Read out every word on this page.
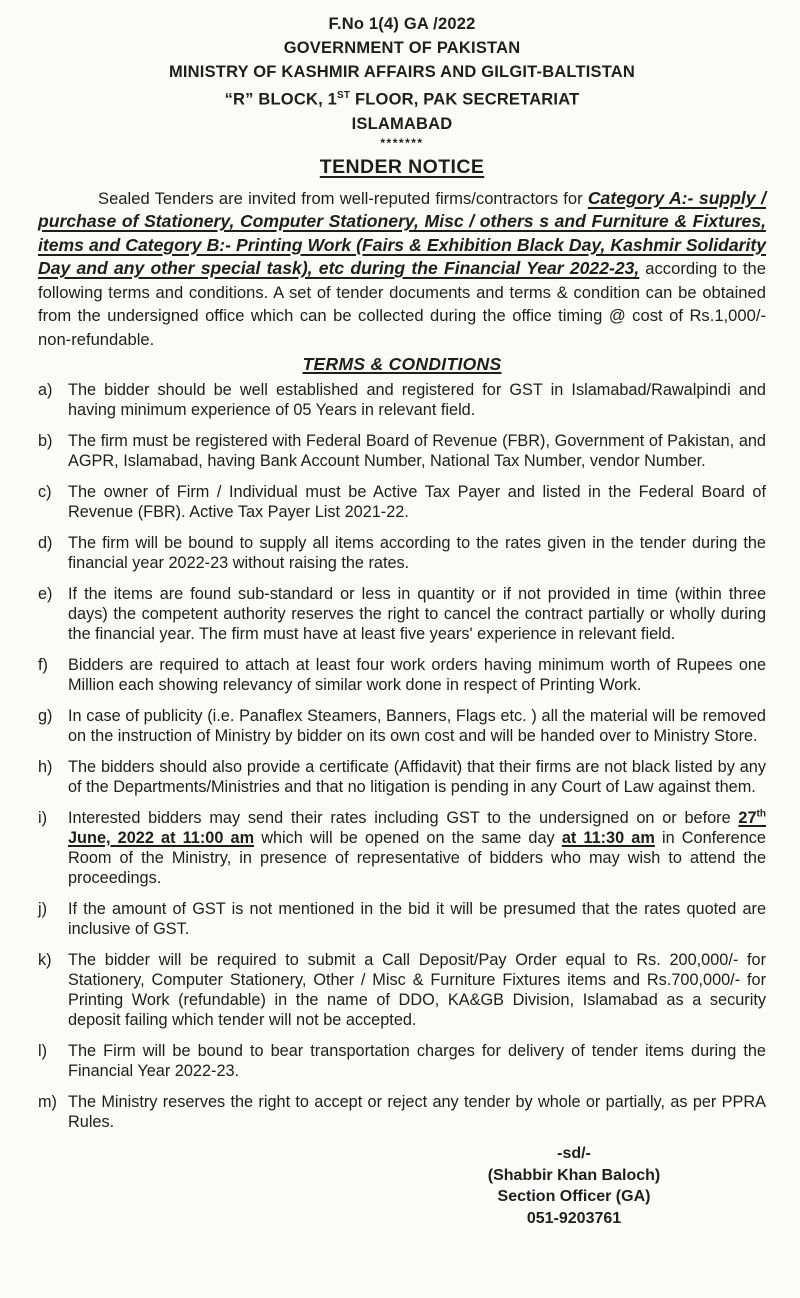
F.No 1(4) GA /2022
GOVERNMENT OF PAKISTAN
MINISTRY OF KASHMIR AFFAIRS AND GILGIT-BALTISTAN
“R” BLOCK, 1ST FLOOR, PAK SECRETARIAT
ISLAMABAD
*******
TENDER NOTICE

Sealed Tenders are invited from well-reputed firms/contractors for Category A:- supply / purchase of Stationery, Computer Stationery, Misc / others s and Furniture & Fixtures, items and Category B:- Printing Work (Fairs & Exhibition Black Day, Kashmir Solidarity Day and any other special task), etc during the Financial Year 2022-23, according to the following terms and conditions. A set of tender documents and terms & condition can be obtained from the undersigned office which can be collected during the office timing @ cost of Rs.1,000/- non-refundable.

TERMS & CONDITIONS
a) The bidder should be well established and registered for GST in Islamabad/Rawalpindi and having minimum experience of 05 Years in relevant field.
b) The firm must be registered with Federal Board of Revenue (FBR), Government of Pakistan, and AGPR, Islamabad, having Bank Account Number, National Tax Number, vendor Number.
c)	The owner of Firm / Individual must be Active Tax Payer and listed in the Federal Board of Revenue (FBR). Active Tax Payer List 2021-22.
d) The firm will be bound to supply all items according to the rates given in the tender during the financial year 2022-23 without raising the rates.
e) If the items are found sub-standard or less in quantity or if not provided in time (within three days) the competent authority reserves the right to cancel the contract partially or wholly during the financial year. The firm must have at least five years' experience in relevant field.
f)	Bidders are required to attach at least four work orders having minimum worth of Rupees one Million each showing relevancy of similar work done in respect of Printing Work.
g) In case of publicity (i.e. Panaflex Steamers, Banners, Flags etc. ) all the material will be removed on the instruction of Ministry by bidder on its own cost and will be handed over to Ministry Store.
h) The bidders should also provide a certificate (Affidavit) that their firms are not black listed by any of the Departments/Ministries and that no litigation is pending in any Court of Law against them.
i)	Interested bidders may send their rates including GST to the undersigned on or before 27th June, 2022 at 11:00 am which will be opened on the same day at 11:30 am in Conference Room of the Ministry, in presence of representative of bidders who may wish to attend the proceedings.
j)	If the amount of GST is not mentioned in the bid it will be presumed that the rates quoted are inclusive of GST.
k)	The bidder will be required to submit a Call Deposit/Pay Order equal to Rs. 200,000/- for Stationery, Computer Stationery, Other / Misc & Furniture Fixtures items and Rs.700,000/- for Printing Work (refundable) in the name of DDO, KA&GB Division, Islamabad as a security deposit failing which tender will not be accepted.
l)	The Firm will be bound to bear transportation charges for delivery of tender items during the Financial Year 2022-23.
m) The Ministry reserves the right to accept or reject any tender by whole or partially, as per PPRA Rules.
-sd/-
(Shabbir Khan Baloch)
Section Officer (GA)
051-9203761
